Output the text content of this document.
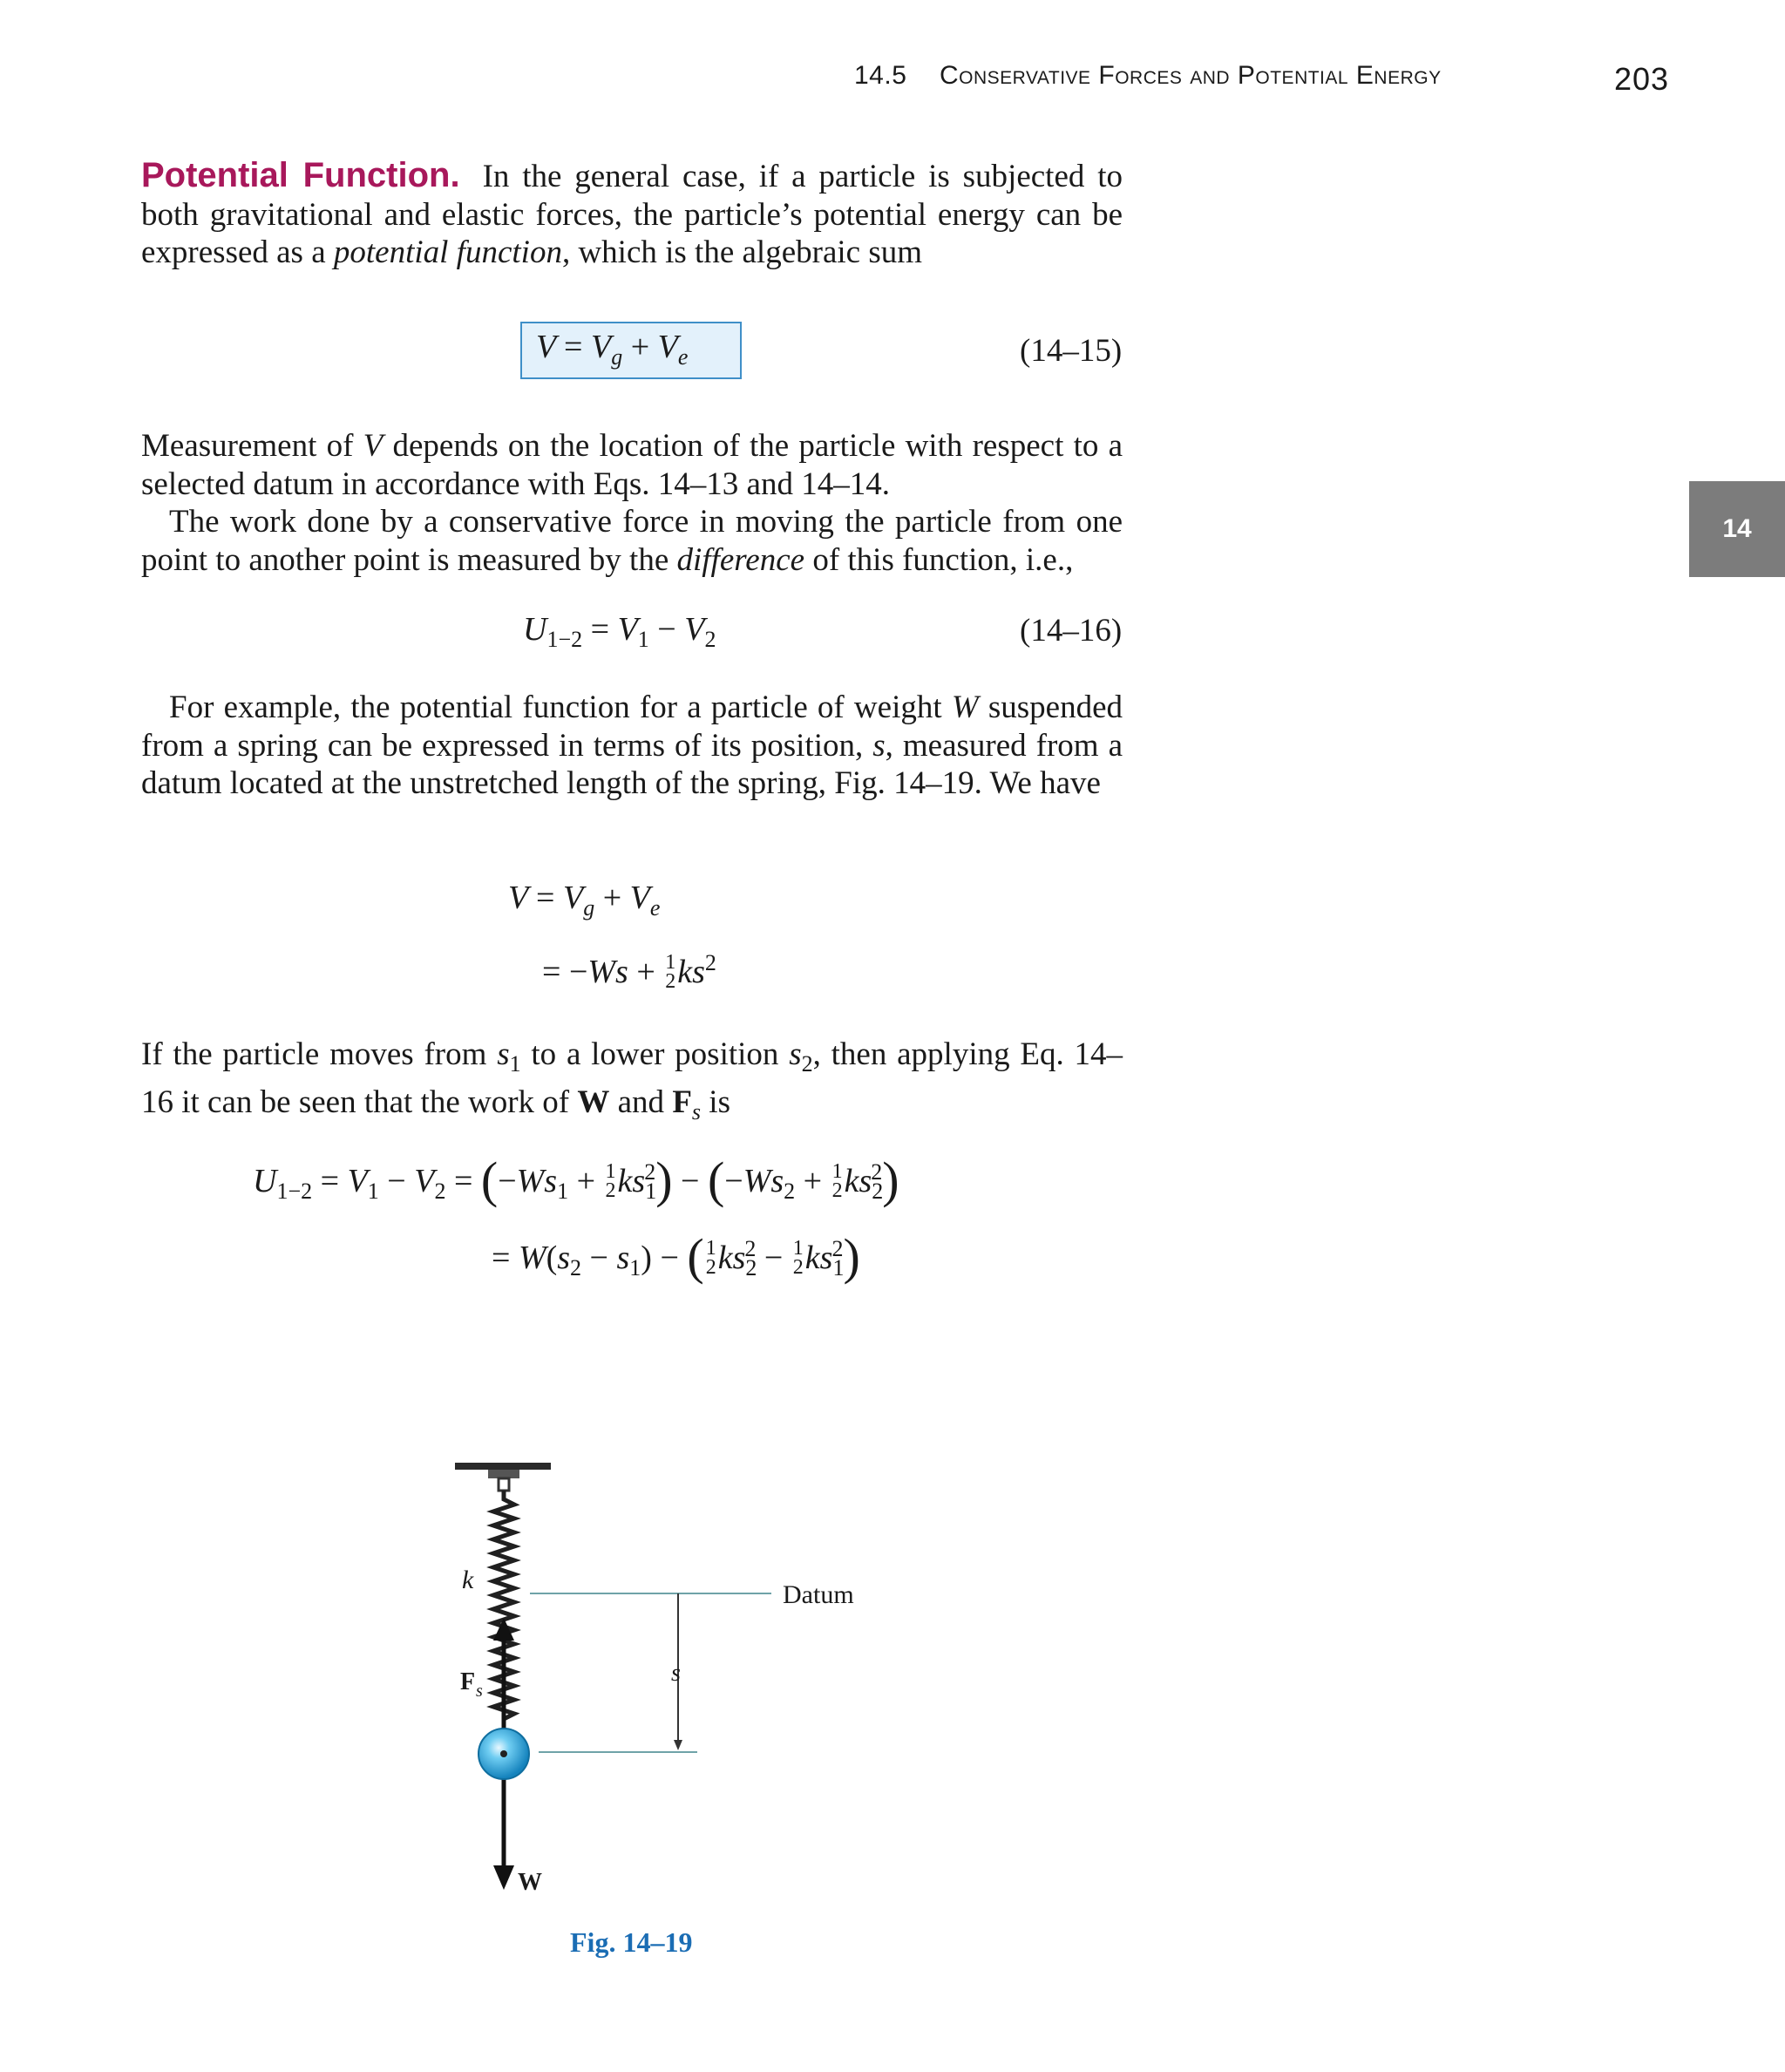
14.5 Conservative Forces and Potential Energy	203
14

Potential Function. In the general case, if a particle is subjected to both gravitational and elastic forces, the particle’s potential energy can be expressed as a potential function, which is the algebraic sum

$V = V_g + V_e$	(14–15)

Measurement of V depends on the location of the particle with respect to a selected datum in accordance with Eqs. 14–13 and 14–14.

The work done by a conservative force in moving the particle from one point to another point is measured by the difference of this function, i.e.,

$U_{1-2} = V_1 - V_2$	(14–16)

For example, the potential function for a particle of weight W suspended from a spring can be expressed in terms of its position, s, measured from a datum located at the unstretched length of the spring, Fig. 14–19. We have

$V = V_g + V_e$
= −Ws + 1
2 $ks^2$

If the particle moves from $s_1$ to a lower position $s_2$, then applying Eq. 14–16 it can be seen that the work of W and $F_s$ is

$U_{1-2} = V_1 - V_2 = (-Ws_1 + 1$
2 $ks_1^2) - (-Ws_2 + 1$
2 $ks_2^2$)
= $W(s_2 - s_1)$ − ( 1
2 $ks_2^2 - 1$
2 $ks_1^2$)
k
Datum
s
F s
W
Fig. 14–19
